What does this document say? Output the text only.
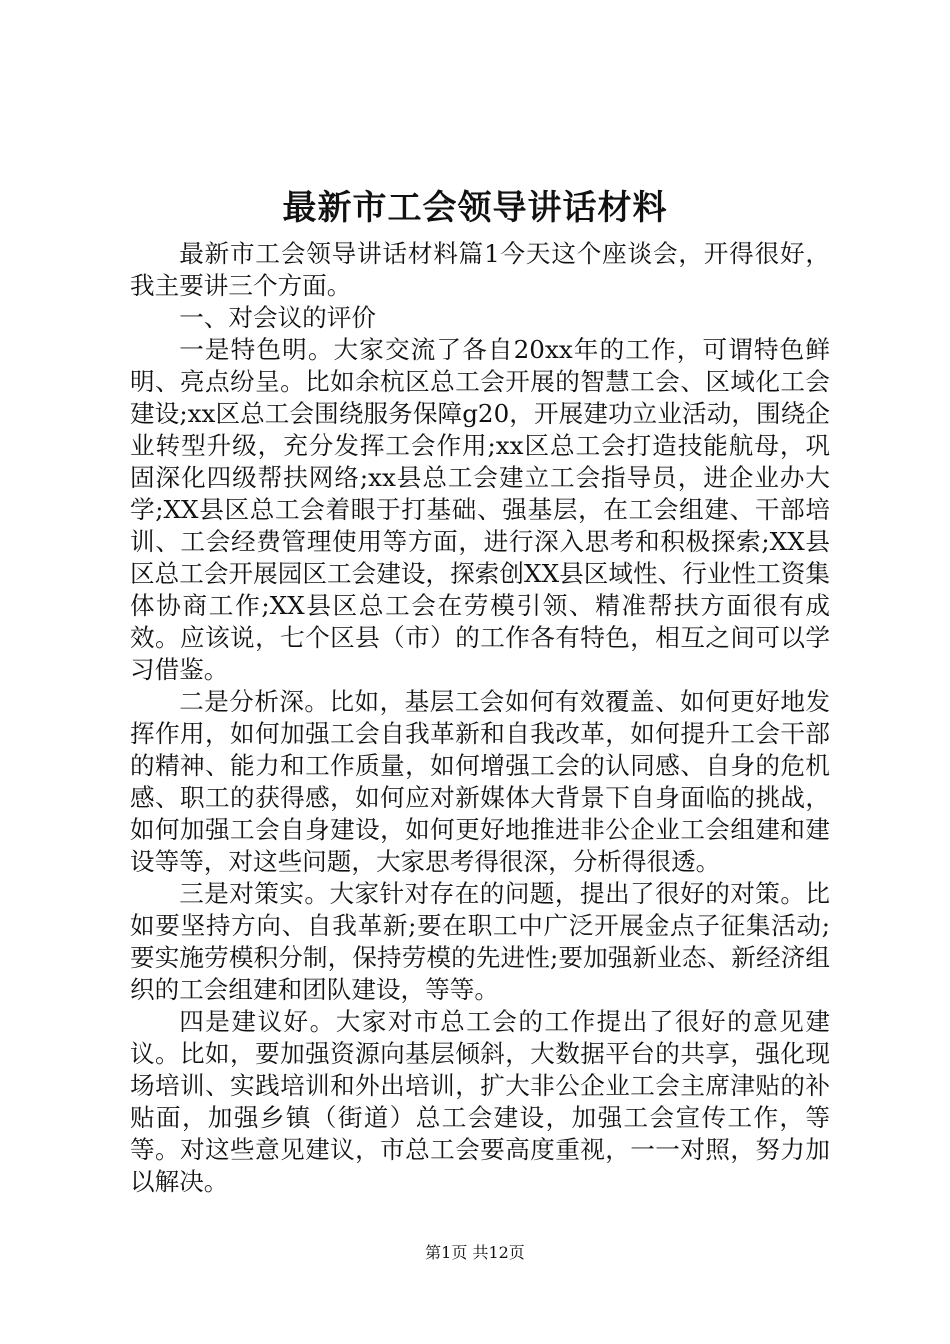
最新市工会领导讲话材料

最新市工会领导讲话材料篇1今天这个座谈会，开得很好，我主要讲三个方面。

一、对会议的评价

一是特色明。大家交流了各自20xx年的工作，可谓特色鲜明、亮点纷呈。比如余杭区总工会开展的智慧工会、区域化工会建设;xx区总工会围绕服务保障g20，开展建功立业活动，围绕企业转型升级，充分发挥工会作用;xx区总工会打造技能航母，巩固深化四级帮扶网络;xx县总工会建立工会指导员，进企业办大学;XX县区总工会着眼于打基础、强基层，在工会组建、干部培训、工会经费管理使用等方面，进行深入思考和积极探索;XX县区总工会开展园区工会建设，探索创XX县区域性、行业性工资集体协商工作;XX县区总工会在劳模引领、精准帮扶方面很有成效。应该说，七个区县（市）的工作各有特色，相互之间可以学习借鉴。

二是分析深。比如，基层工会如何有效覆盖、如何更好地发挥作用，如何加强工会自我革新和自我改革，如何提升工会干部的精神、能力和工作质量，如何增强工会的认同感、自身的危机感、职工的获得感，如何应对新媒体大背景下自身面临的挑战，如何加强工会自身建设，如何更好地推进非公企业工会组建和建设等等，对这些问题，大家思考得很深，分析得很透。

三是对策实。大家针对存在的问题，提出了很好的对策。比如要坚持方向、自我革新;要在职工中广泛开展金点子征集活动;要实施劳模积分制，保持劳模的先进性;要加强新业态、新经济组织的工会组建和团队建设，等等。

四是建议好。大家对市总工会的工作提出了很好的意见建议。比如，要加强资源向基层倾斜，大数据平台的共享，强化现场培训、实践培训和外出培训，扩大非公企业工会主席津贴的补贴面，加强乡镇（街道）总工会建设，加强工会宣传工作，等等。对这些意见建议，市总工会要高度重视，一一对照，努力加以解决。

第1页 共12页
